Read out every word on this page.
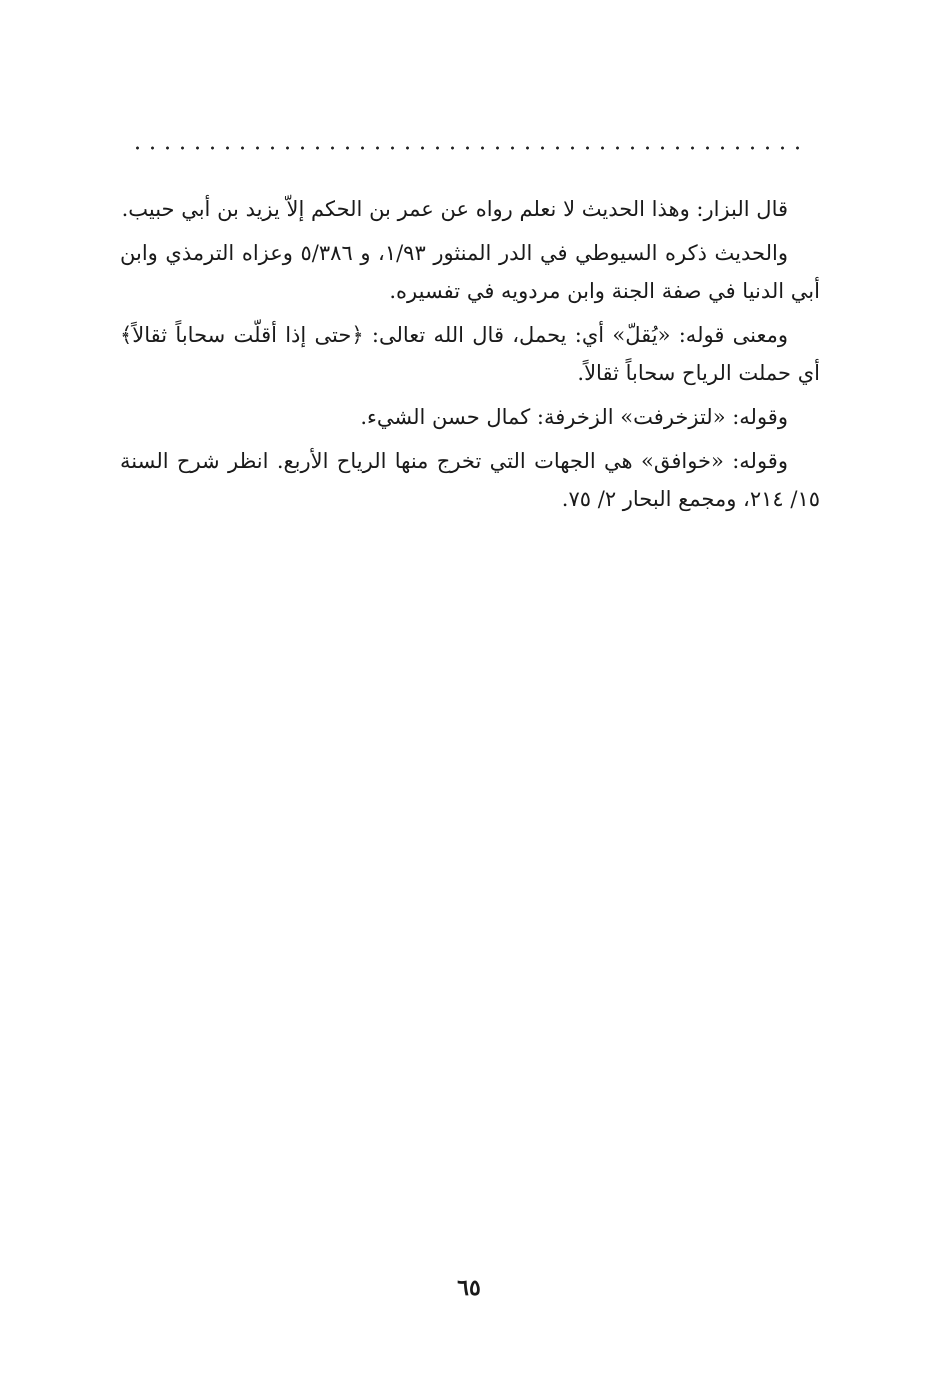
قال البزار: وهذا الحديث لا نعلم رواه عن عمر بن الحكم إلاّ يزيد بن أبي حبيب.

والحديث ذكره السيوطي في الدر المنثور ١/٩٣، و ٥/٣٨٦ وعزاه الترمذي وابن أبي الدنيا في صفة الجنة وابن مردويه في تفسيره.

ومعنى قوله: «يُقلّ» أي: يحمل، قال الله تعالى: ﴿حتى إذا أقلّت سحاباً ثقالاً﴾ أي حملت الرياح سحاباً ثقالاً.

وقوله: «لتزخرفت» الزخرفة: كمال حسن الشيء.

وقوله: «خوافق» هي الجهات التي تخرج منها الرياح الأربع. انظر شرح السنة ١٥/ ٢١٤، ومجمع البحار ٢/ ٧٥.

٦٥
